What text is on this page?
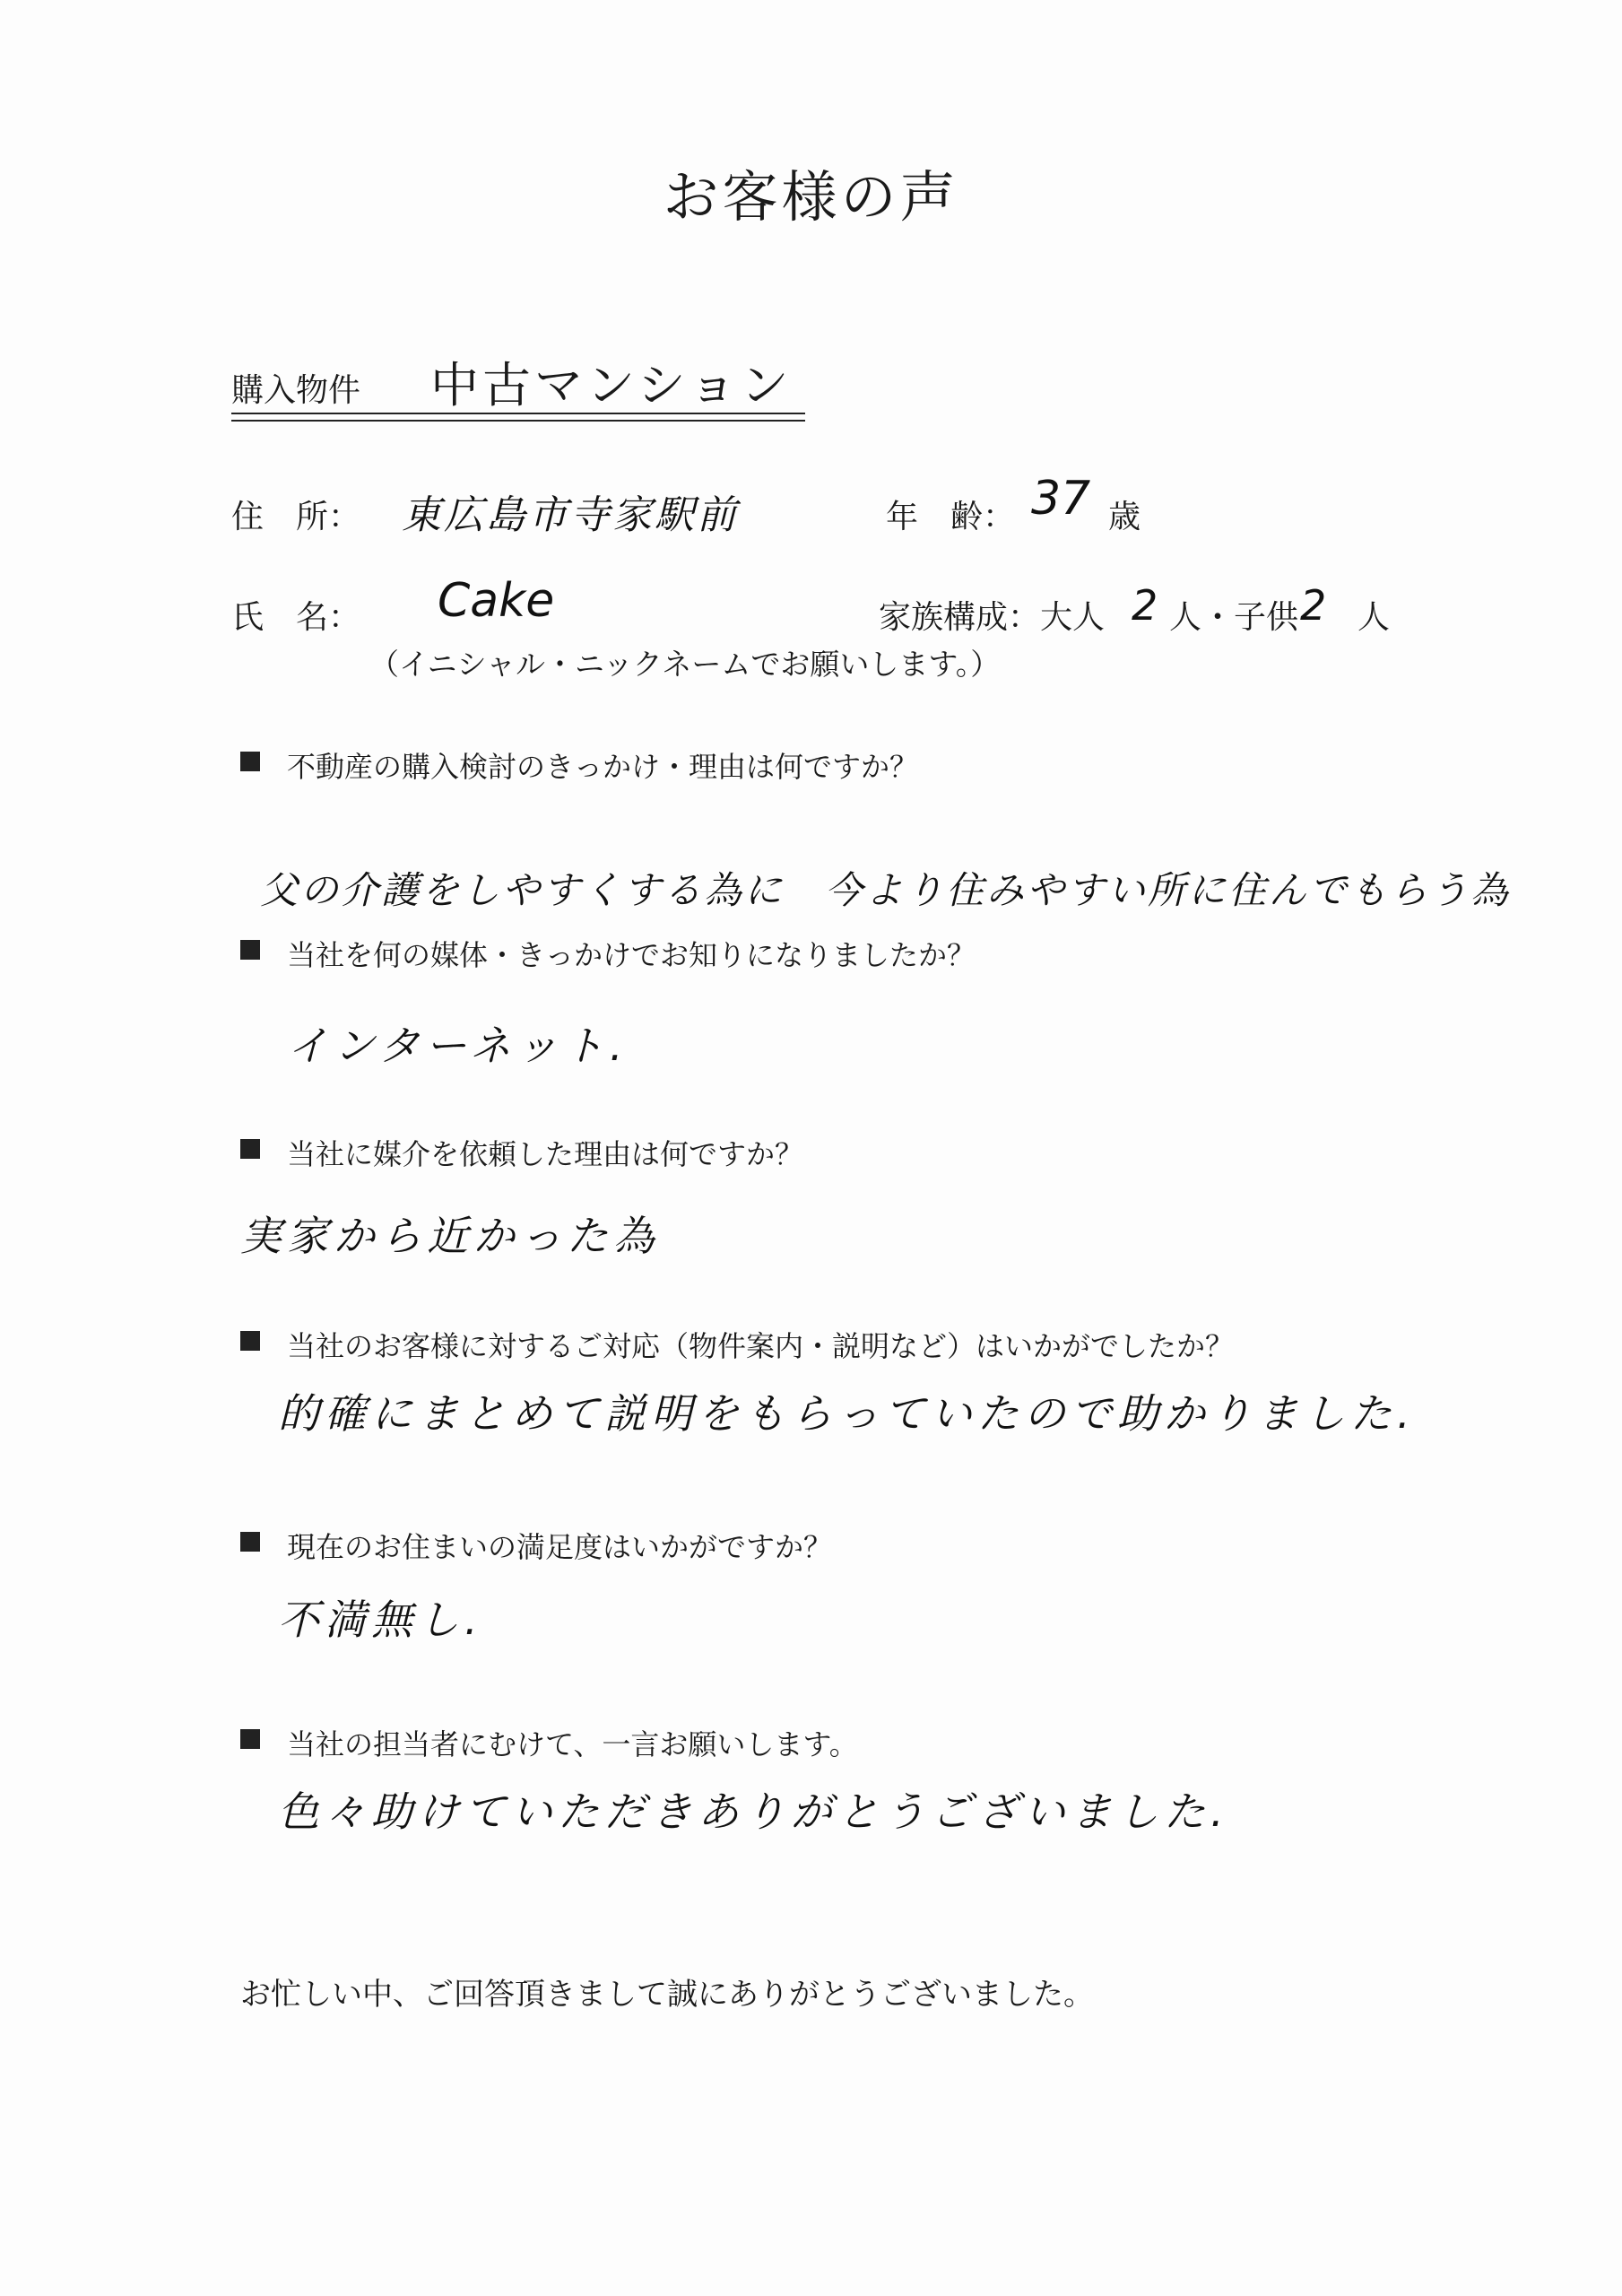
お客様の声
購入物件 中古マンション
住　所： 東広島市寺家駅前	年　齢： 37 歳
氏　名： Cake
（イニシャル・ニックネームでお願いします。）
家族構成：大人 2 人・子供 2 人
不動産の購入検討のきっかけ・理由は何ですか？
父の介護をしやすくする為に　今より住みやすい所に住んでもらう為
当社を何の媒体・きっかけでお知りになりましたか？
インターネット.
当社に媒介を依頼した理由は何ですか？
実家から近かった為
当社のお客様に対するご対応（物件案内・説明など）はいかがでしたか？
的確にまとめて説明をもらっていたので助かりました.
現在のお住まいの満足度はいかがですか？
不満無し.
当社の担当者にむけて、一言お願いします。
色々助けていただきありがとうございました.
お忙しい中、ご回答頂きまして誠にありがとうございました。
